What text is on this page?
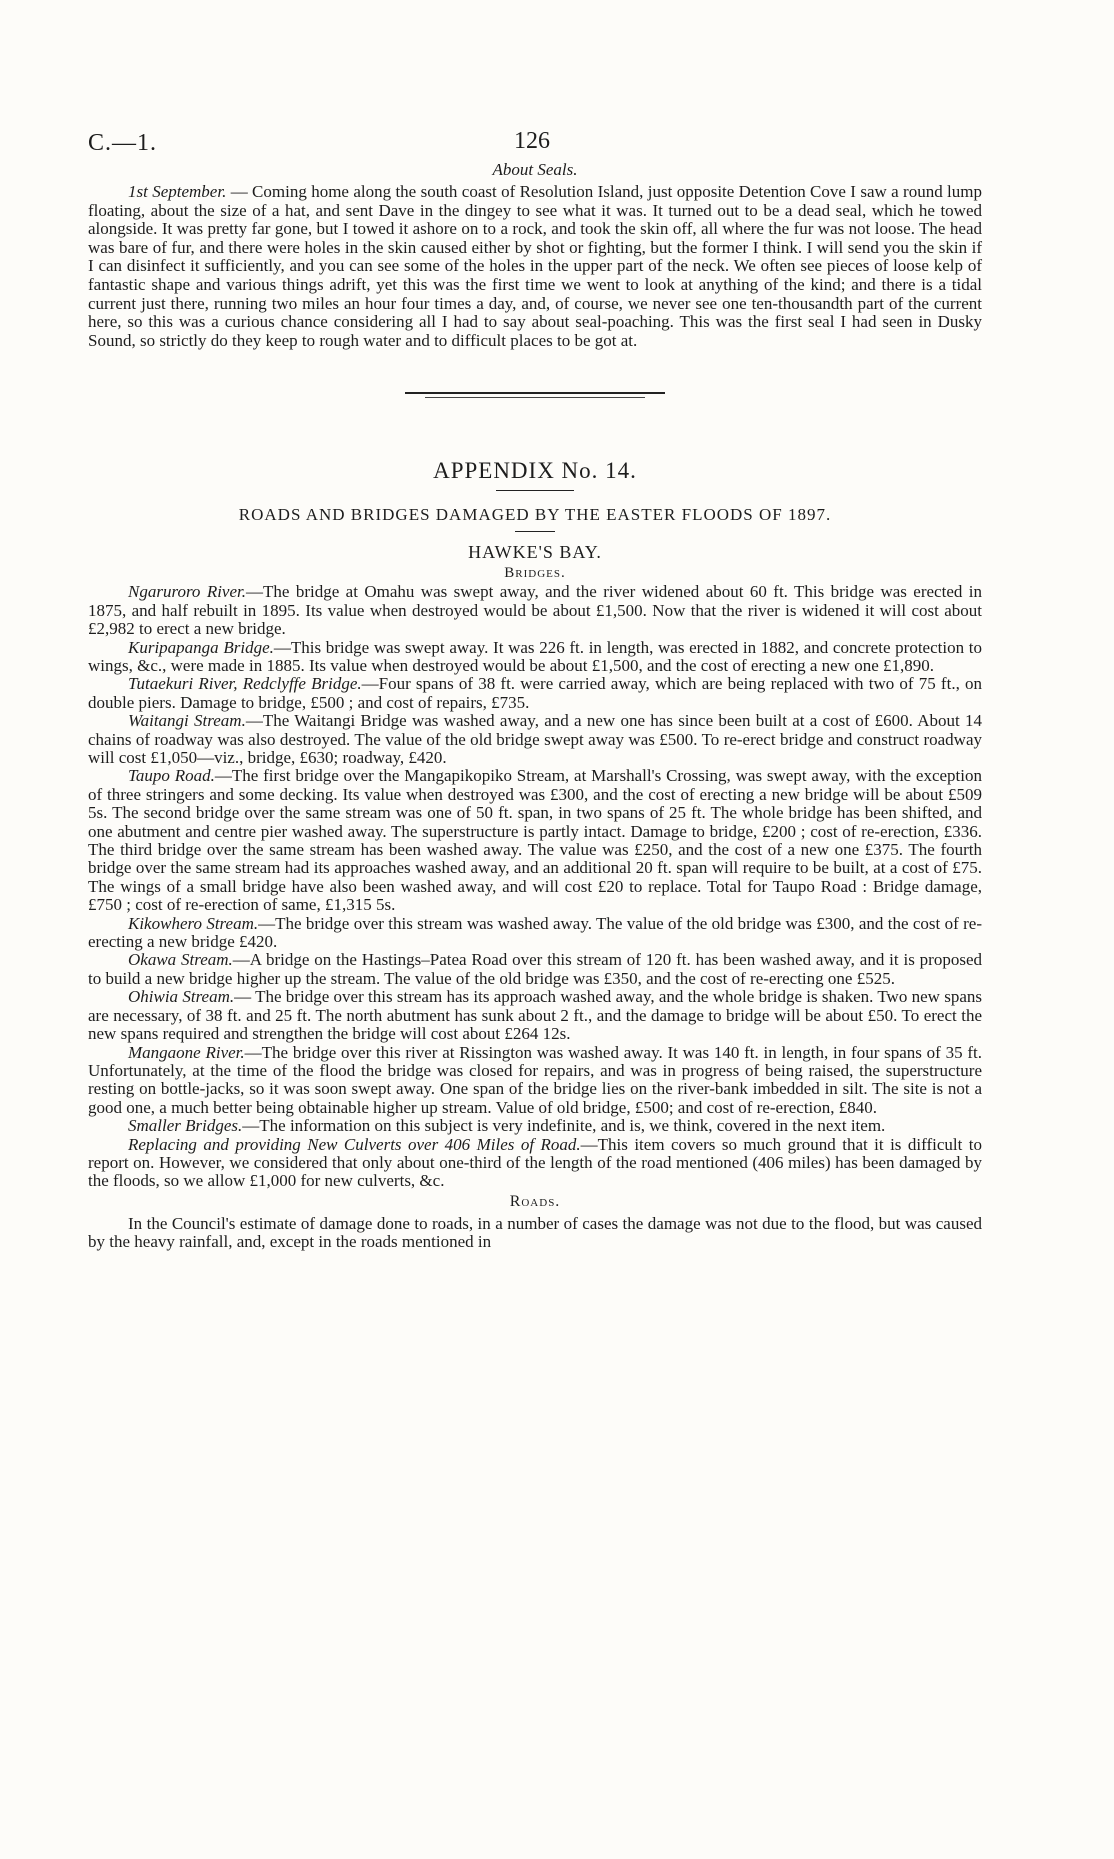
C.—1.	126
About Seals.

1st September. — Coming home along the south coast of Resolution Island, just opposite Detention Cove I saw a round lump floating, about the size of a hat, and sent Dave in the dingey to see what it was. It turned out to be a dead seal, which he towed alongside. It was pretty far gone, but I towed it ashore on to a rock, and took the skin off, all where the fur was not loose. The head was bare of fur, and there were holes in the skin caused either by shot or fighting, but the former I think. I will send you the skin if I can disinfect it sufficiently, and you can see some of the holes in the upper part of the neck. We often see pieces of loose kelp of fantastic shape and various things adrift, yet this was the first time we went to look at anything of the kind; and there is a tidal current just there, running two miles an hour four times a day, and, of course, we never see one ten-thousandth part of the current here, so this was a curious chance considering all I had to say about seal-poaching. This was the first seal I had seen in Dusky Sound, so strictly do they keep to rough water and to difficult places to be got at.

APPENDIX No. 14.
ROADS AND BRIDGES DAMAGED BY THE EASTER FLOODS OF 1897.
HAWKE'S BAY.
Bridges.

Ngaruroro River.—The bridge at Omahu was swept away, and the river widened about 60 ft. This bridge was erected in 1875, and half rebuilt in 1895. Its value when destroyed would be about £1,500. Now that the river is widened it will cost about £2,982 to erect a new bridge.

Kuripapanga Bridge.—This bridge was swept away. It was 226 ft. in length, was erected in 1882, and concrete protection to wings, &c., were made in 1885. Its value when destroyed would be about £1,500, and the cost of erecting a new one £1,890.

Tutaekuri River, Redclyffe Bridge.—Four spans of 38 ft. were carried away, which are being replaced with two of 75 ft., on double piers. Damage to bridge, £500 ; and cost of repairs, £735.

Waitangi Stream.—The Waitangi Bridge was washed away, and a new one has since been built at a cost of £600. About 14 chains of roadway was also destroyed. The value of the old bridge swept away was £500. To re-erect bridge and construct roadway will cost £1,050—viz., bridge, £630; roadway, £420.

Taupo Road.—The first bridge over the Mangapikopiko Stream, at Marshall's Crossing, was swept away, with the exception of three stringers and some decking. Its value when destroyed was £300, and the cost of erecting a new bridge will be about £509 5s. The second bridge over the same stream was one of 50 ft. span, in two spans of 25 ft. The whole bridge has been shifted, and one abutment and centre pier washed away. The superstructure is partly intact. Damage to bridge, £200 ; cost of re-erection, £336. The third bridge over the same stream has been washed away. The value was £250, and the cost of a new one £375. The fourth bridge over the same stream had its approaches washed away, and an additional 20 ft. span will require to be built, at a cost of £75. The wings of a small bridge have also been washed away, and will cost £20 to replace. Total for Taupo Road : Bridge damage, £750 ; cost of re-erection of same, £1,315 5s.

Kikowhero Stream.—The bridge over this stream was washed away. The value of the old bridge was £300, and the cost of re-erecting a new bridge £420.

Okawa Stream.—A bridge on the Hastings–Patea Road over this stream of 120 ft. has been washed away, and it is proposed to build a new bridge higher up the stream. The value of the old bridge was £350, and the cost of re-erecting one £525.

Ohiwia Stream.— The bridge over this stream has its approach washed away, and the whole bridge is shaken. Two new spans are necessary, of 38 ft. and 25 ft. The north abutment has sunk about 2 ft., and the damage to bridge will be about £50. To erect the new spans required and strengthen the bridge will cost about £264 12s.

Mangaone River.—The bridge over this river at Rissington was washed away. It was 140 ft. in length, in four spans of 35 ft. Unfortunately, at the time of the flood the bridge was closed for repairs, and was in progress of being raised, the superstructure resting on bottle-jacks, so it was soon swept away. One span of the bridge lies on the river-bank imbedded in silt. The site is not a good one, a much better being obtainable higher up stream. Value of old bridge, £500; and cost of re-erection, £840.

Smaller Bridges.—The information on this subject is very indefinite, and is, we think, covered in the next item.

Replacing and providing New Culverts over 406 Miles of Road.—This item covers so much ground that it is difficult to report on. However, we considered that only about one-third of the length of the road mentioned (406 miles) has been damaged by the floods, so we allow £1,000 for new culverts, &c.

Roads.

In the Council's estimate of damage done to roads, in a number of cases the damage was not due to the flood, but was caused by the heavy rainfall, and, except in the roads mentioned in
